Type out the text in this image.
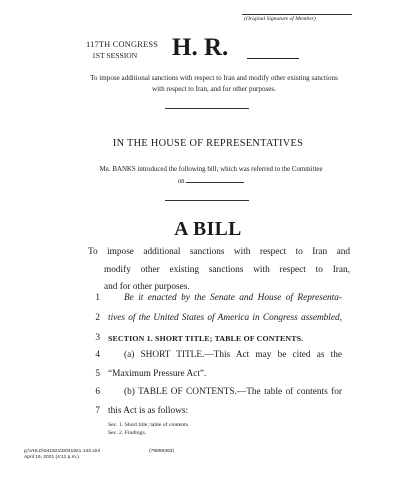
(Original Signature of Member)
117TH CONGRESS
1ST SESSION H. R.
To impose additional sanctions with respect to Iran and modify other existing sanctions with respect to Iran, and for other purposes.
IN THE HOUSE OF REPRESENTATIVES
Mr. BANKS introduced the following bill; which was referred to the Committee
on
A BILL
To impose additional sanctions with respect to Iran and
modify other existing sanctions with respect to Iran,
and for other purposes.
1	Be it enacted by the Senate and House of Representa-
2 tives of the United States of America in Congress assembled,
3 SECTION 1. SHORT TITLE; TABLE OF CONTENTS.
4	(a) SHORT TITLE.—This Act may be cited as the
5 “Maximum Pressure Act”.
6	(b) TABLE OF CONTENTS.—The table of contents for
7 this Act is as follows:
Sec. 1. Short title; table of contents.
Sec. 2. Findings.
g:\VHLD\041921\D041921.143.xml
April 19, 2021 (4:11 p.m.)
(79899363)
